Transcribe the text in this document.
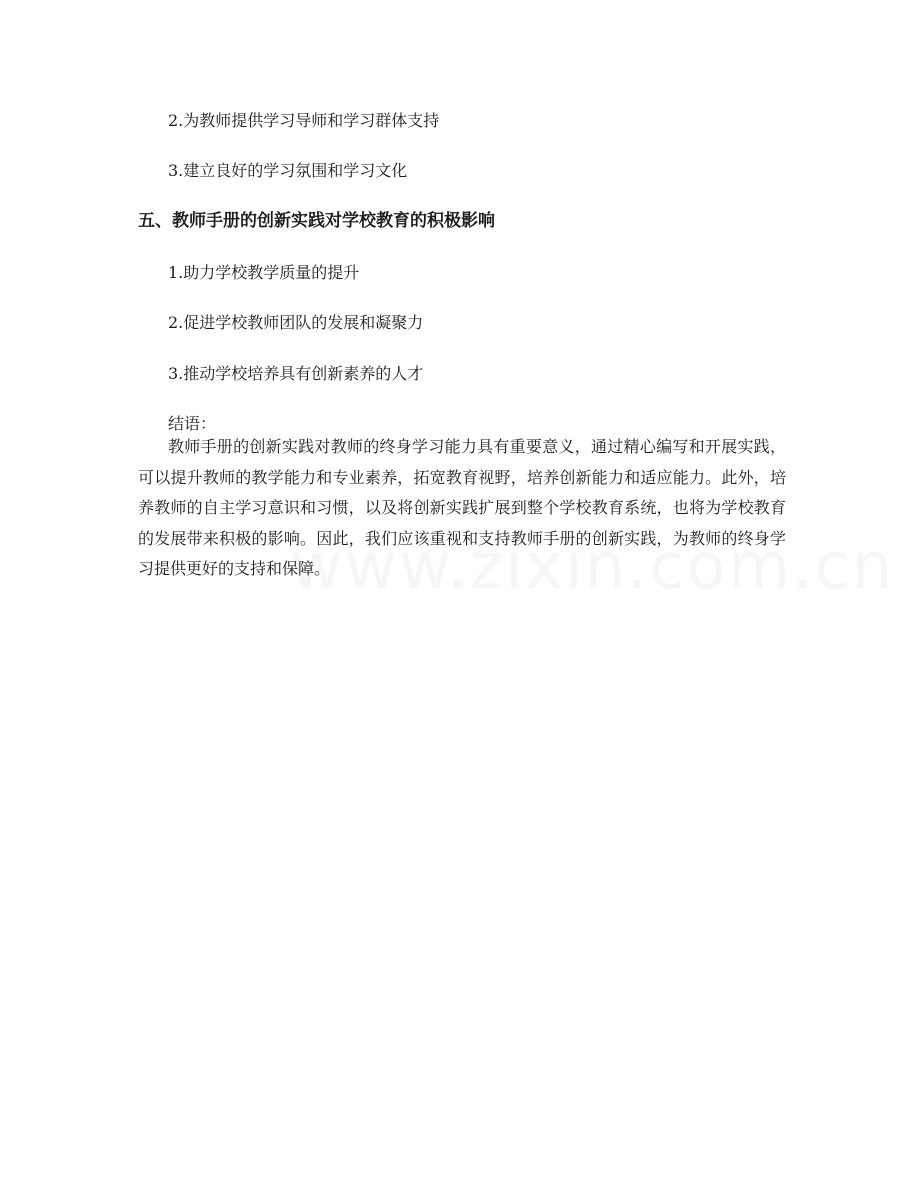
2.为教师提供学习导师和学习群体支持
3.建立良好的学习氛围和学习文化
五、教师手册的创新实践对学校教育的积极影响
1.助力学校教学质量的提升
2.促进学校教师团队的发展和凝聚力
3.推动学校培养具有创新素养的人才
结语：

教师手册的创新实践对教师的终身学习能力具有重要意义，通过精心编写和开展实践，可以提升教师的教学能力和专业素养，拓宽教育视野，培养创新能力和适应能力。此外，培养教师的自主学习意识和习惯，以及将创新实践扩展到整个学校教育系统，也将为学校教育的发展带来积极的影响。因此，我们应该重视和支持教师手册的创新实践，为教师的终身学习提供更好的支持和保障。
